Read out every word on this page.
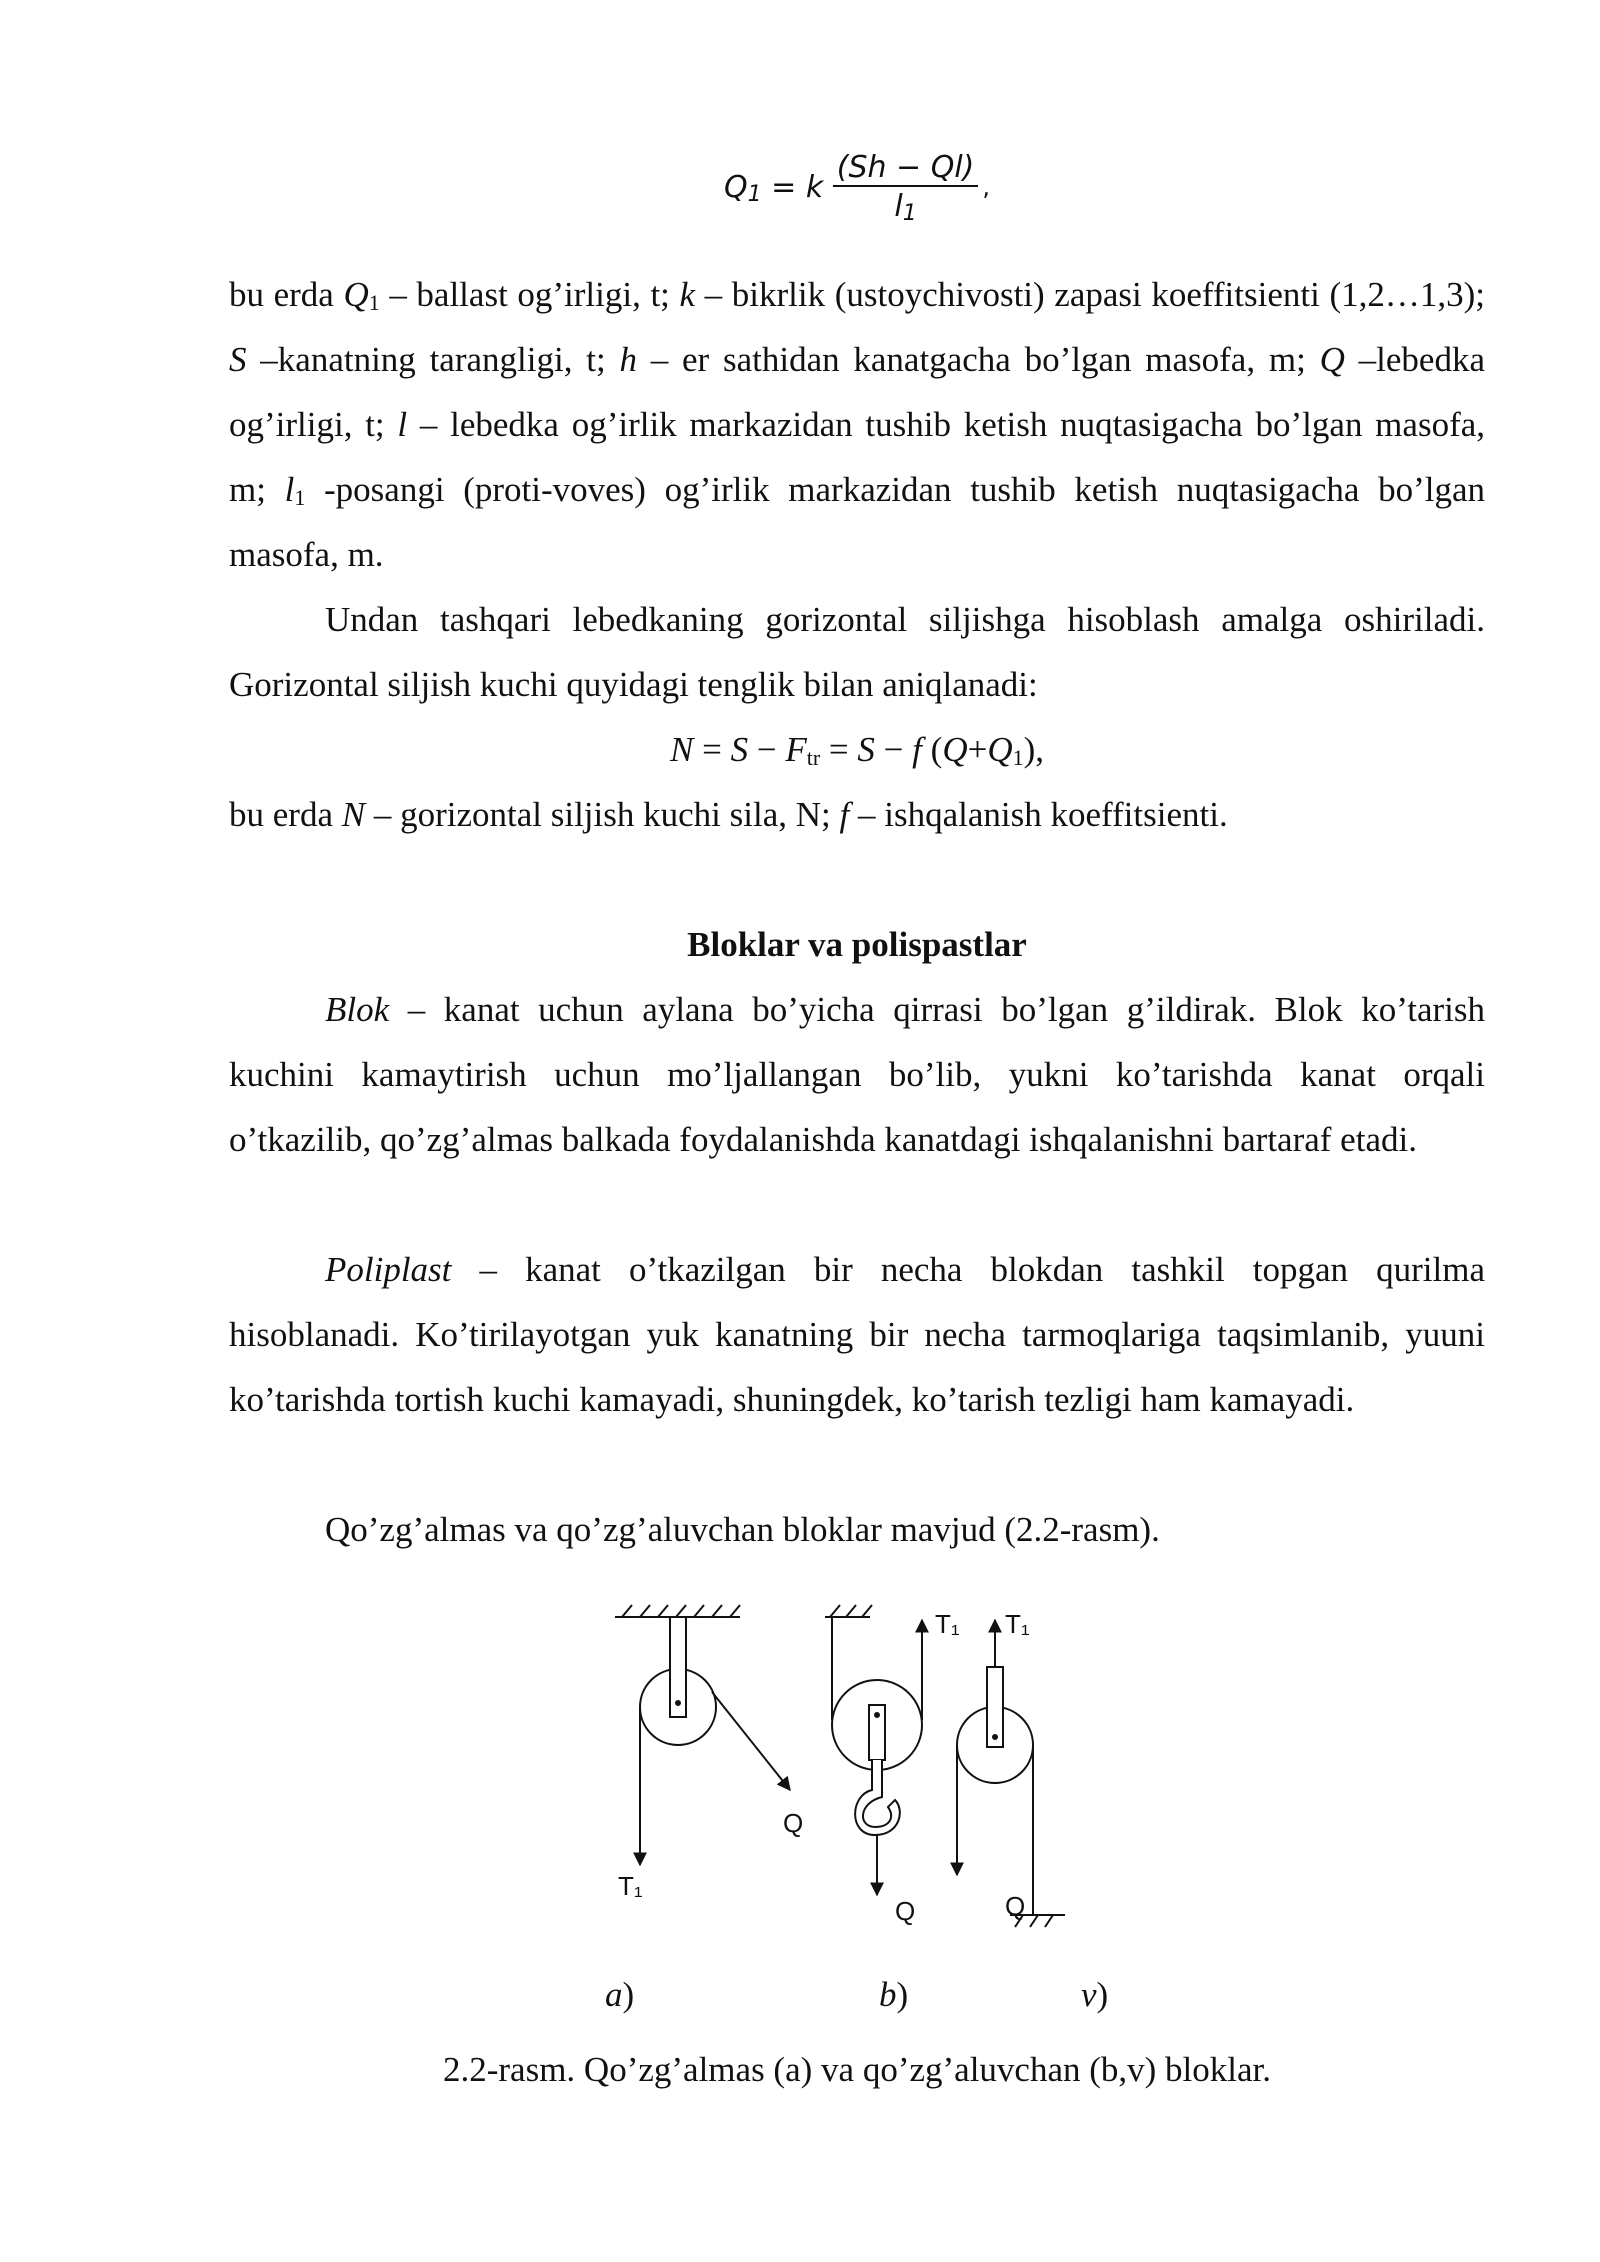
$Q_1 = k \frac{(Sh - Ql)}{l_1}$ ,

bu erda $Q_1$ – ballast og’irligi, t; k – bikrlik (ustoychivosti) zapasi koeffitsienti (1,2…1,3); S –kanatning tarangligi, t; h – er sathidan kanatgacha bo’lgan masofa, m; Q –lebedka og’irligi, t; l – lebedka og’irlik markazidan tushib ketish nuqtasigacha bo’lgan masofa, m; $l_1$ -posangi (proti-voves) og’irlik markazidan tushib ketish nuqtasigacha bo’lgan masofa, m.

Undan tashqari lebedkaning gorizontal siljishga hisoblash amalga oshiriladi. Gorizontal siljish kuchi quyidagi tenglik bilan aniqlanadi:

$N = S - F_{tr} = S - f$ $(Q+Q_1)$,

bu erda N – gorizontal siljish kuchi sila, N; f – ishqalanish koeffitsienti.

Bloklar va polispastlar

Blok – kanat uchun aylana bo’yicha qirrasi bo’lgan g’ildirak. Blok ko’tarish kuchini kamaytirish uchun mo’ljallangan bo’lib, yukni ko’tarishda kanat orqali o’tkazilib, qo’zg’almas balkada foydalanishda kanatdagi ishqalanishni bartaraf etadi.

Poliplast – kanat o’tkazilgan bir necha blokdan tashkil topgan qurilma hisoblanadi. Ko’tirilayotgan yuk kanatning bir necha tarmoqlariga taqsimlanib, yuuni ko’tarishda tortish kuchi kamayadi, shuningdek, ko’tarish tezligi ham kamayadi.

Qo’zg’almas va qo’zg’aluvchan bloklar mavjud (2.2-rasm).

a)	b)	v)
2.2-rasm. Qo’zg’almas (a) va qo’zg’aluvchan (b,v) bloklar.
T₁
Q
T₁
Q
T₁
Q
